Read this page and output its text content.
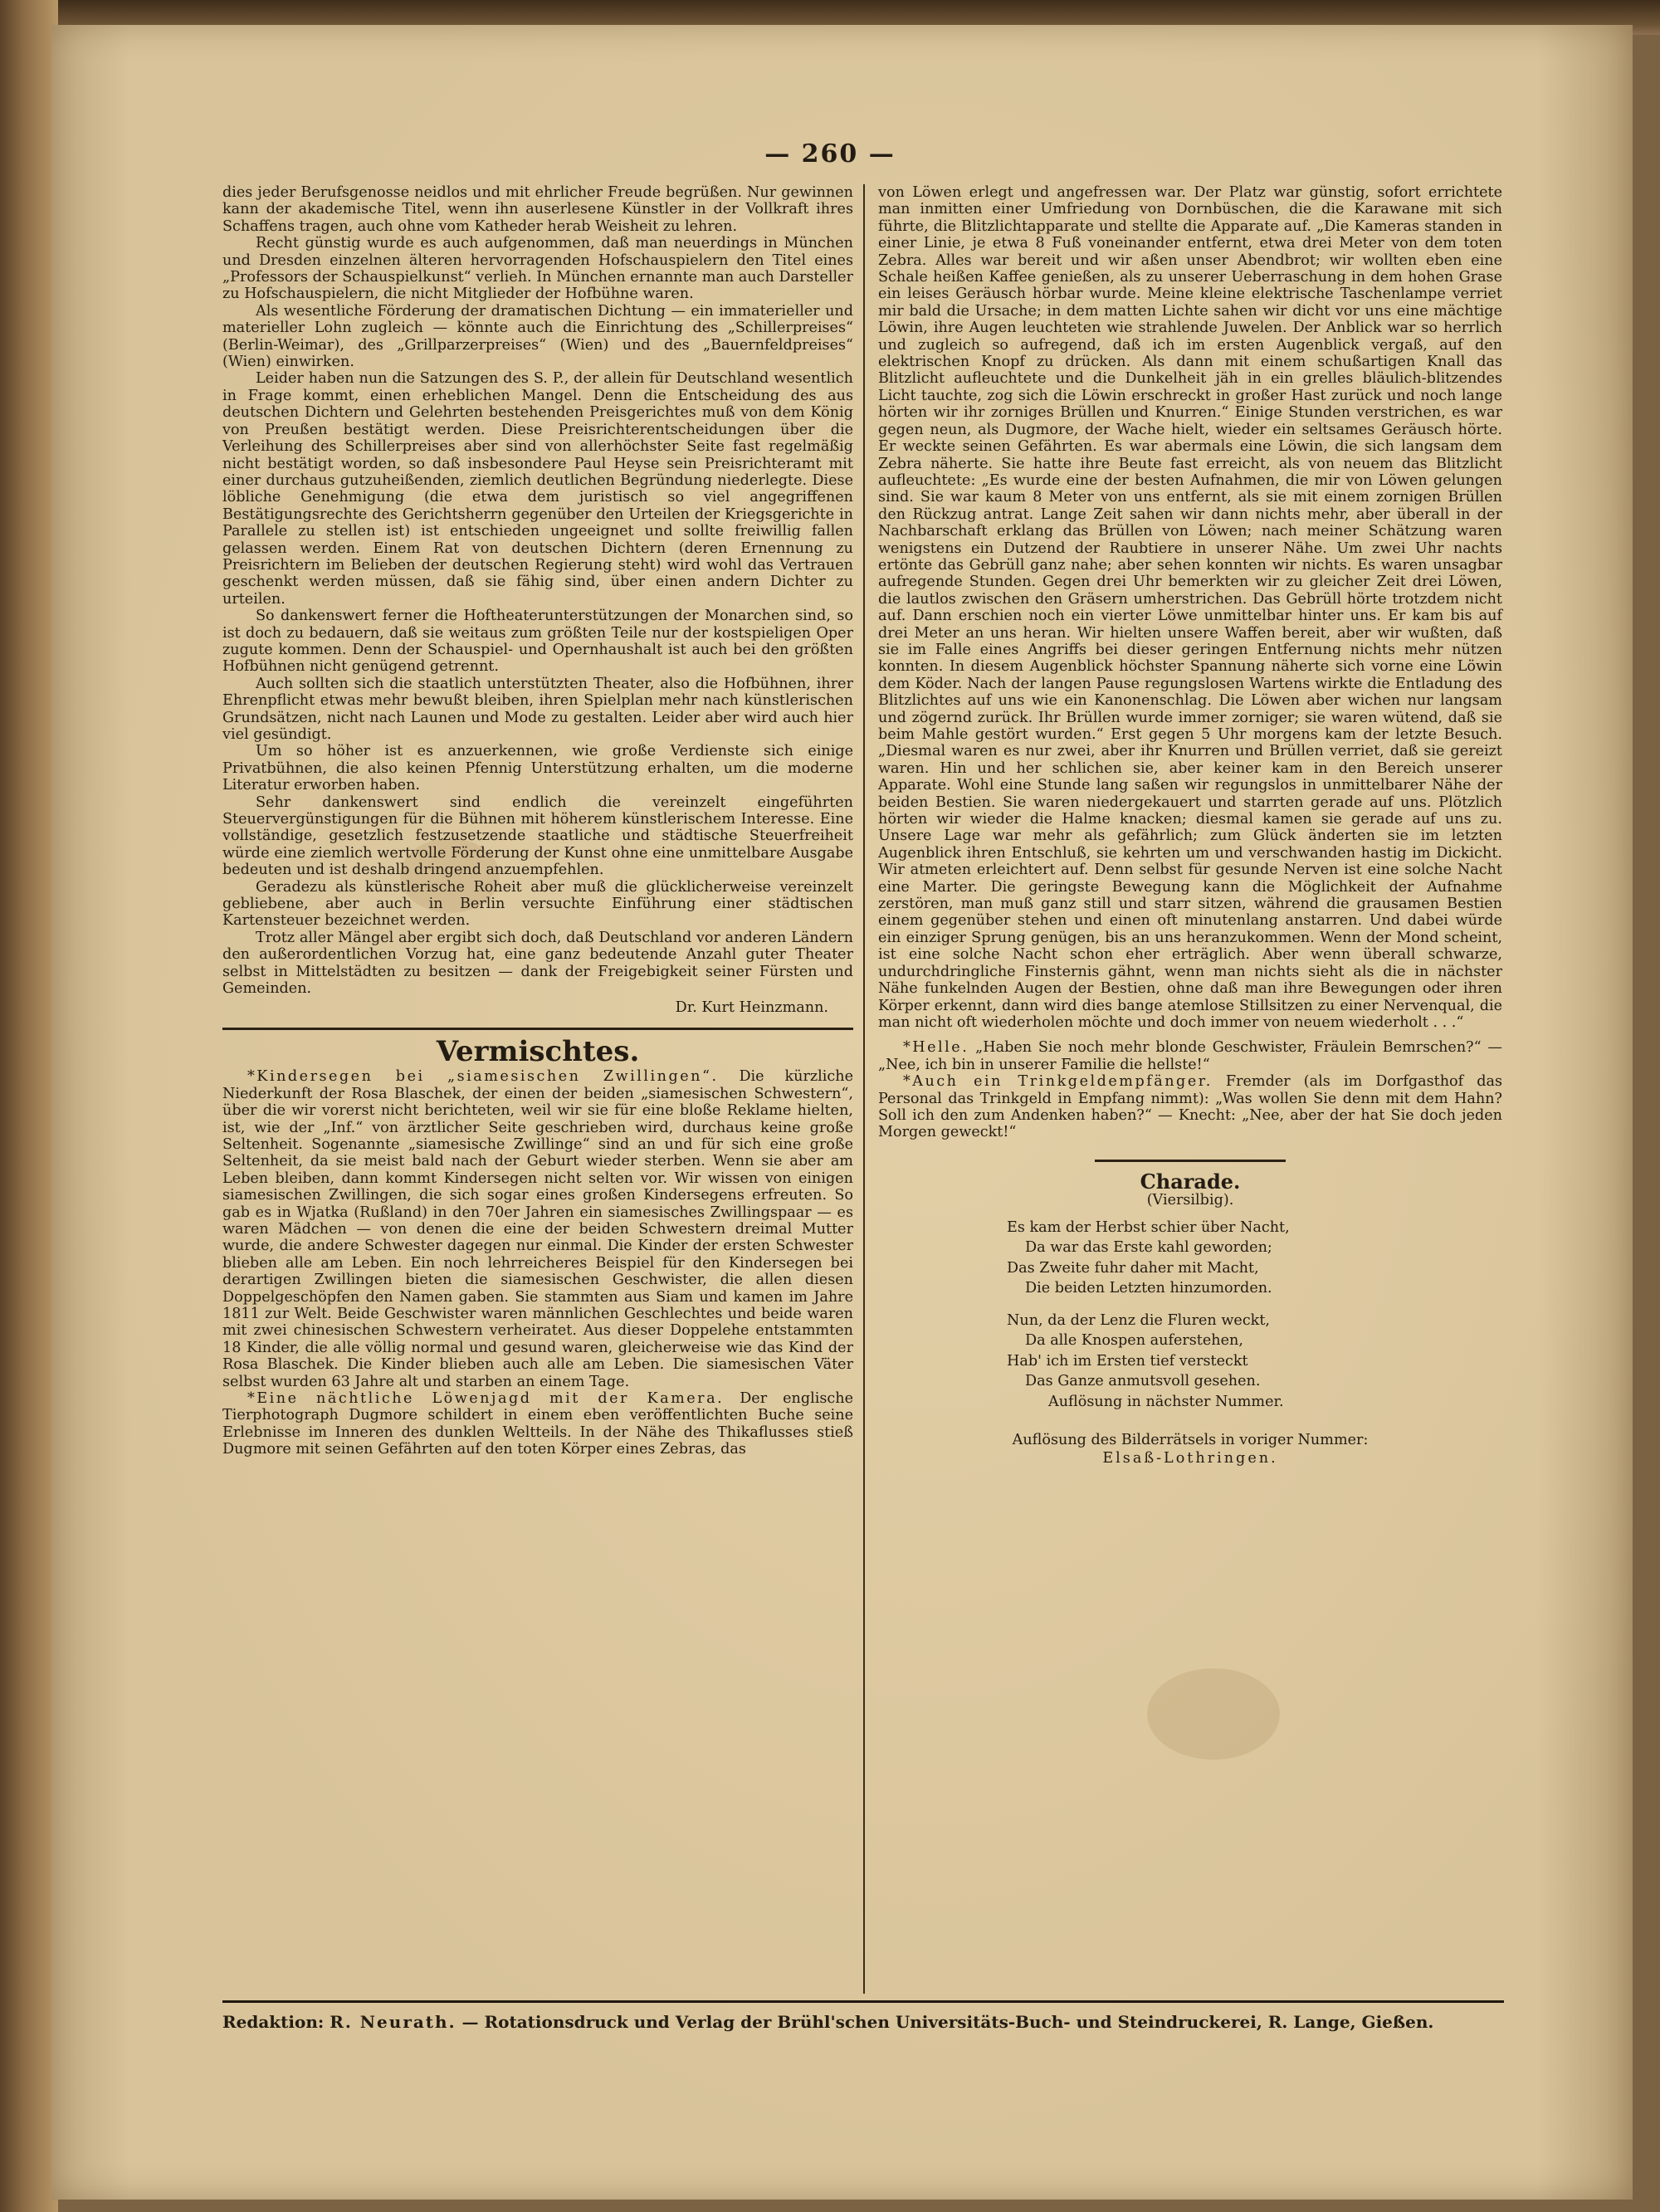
— 260 —

dies jeder Berufsgenosse neidlos und mit ehrlicher Freude begrüßen. Nur gewinnen kann der akademische Titel, wenn ihn auserlesene Künstler in der Vollkraft ihres Schaffens tragen, auch ohne vom Katheder herab Weisheit zu lehren.

Recht günstig wurde es auch aufgenommen, daß man neuerdings in München und Dresden einzelnen älteren hervorragenden Hofschauspielern den Titel eines „Professors der Schauspielkunst“ verlieh. In München ernannte man auch Darsteller zu Hofschauspielern, die nicht Mitglieder der Hofbühne waren.

Als wesentliche Förderung der dramatischen Dichtung — ein immaterieller und materieller Lohn zugleich — könnte auch die Einrichtung des „Schillerpreises“ (Berlin-Weimar), des „Grillparzerpreises“ (Wien) und des „Bauernfeldpreises“ (Wien) einwirken.

Leider haben nun die Satzungen des S. P., der allein für Deutschland wesentlich in Frage kommt, einen erheblichen Mangel. Denn die Entscheidung des aus deutschen Dichtern und Gelehrten bestehenden Preisgerichtes muß von dem König von Preußen bestätigt werden. Diese Preisrichterentscheidungen über die Verleihung des Schillerpreises aber sind von allerhöchster Seite fast regelmäßig nicht bestätigt worden, so daß insbesondere Paul Heyse sein Preisrichteramt mit einer durchaus gutzuheißenden, ziemlich deutlichen Begründung niederlegte. Diese löbliche Genehmigung (die etwa dem juristisch so viel angegriffenen Bestätigungsrechte des Gerichtsherrn gegenüber den Urteilen der Kriegsgerichte in Parallele zu stellen ist) ist entschieden ungeeignet und sollte freiwillig fallen gelassen werden. Einem Rat von deutschen Dichtern (deren Ernennung zu Preisrichtern im Belieben der deutschen Regierung steht) wird wohl das Vertrauen geschenkt werden müssen, daß sie fähig sind, über einen andern Dichter zu urteilen.

So dankenswert ferner die Hoftheaterunterstützungen der Monarchen sind, so ist doch zu bedauern, daß sie weitaus zum größten Teile nur der kostspieligen Oper zugute kommen. Denn der Schauspiel- und Opernhaushalt ist auch bei den größten Hofbühnen nicht genügend getrennt.

Auch sollten sich die staatlich unterstützten Theater, also die Hofbühnen, ihrer Ehrenpflicht etwas mehr bewußt bleiben, ihren Spielplan mehr nach künstlerischen Grundsätzen, nicht nach Launen und Mode zu gestalten. Leider aber wird auch hier viel gesündigt.

Um so höher ist es anzuerkennen, wie große Verdienste sich einige Privatbühnen, die also keinen Pfennig Unterstützung erhalten, um die moderne Literatur erworben haben.

Sehr dankenswert sind endlich die vereinzelt eingeführten Steuervergünstigungen für die Bühnen mit höherem künstlerischem Interesse. Eine vollständige, gesetzlich festzusetzende staatliche und städtische Steuerfreiheit würde eine ziemlich wertvolle Förderung der Kunst ohne eine unmittelbare Ausgabe bedeuten und ist deshalb dringend anzuempfehlen.

Geradezu als künstlerische Roheit aber muß die glücklicherweise vereinzelt gebliebene, aber auch in Berlin versuchte Einführung einer städtischen Kartensteuer bezeichnet werden.

Trotz aller Mängel aber ergibt sich doch, daß Deutschland vor anderen Ländern den außerordentlichen Vorzug hat, eine ganz bedeutende Anzahl guter Theater selbst in Mittelstädten zu besitzen — dank der Freigebigkeit seiner Fürsten und Gemeinden.

Dr. Kurt Heinzmann.
Vermischtes.

*Kindersegen bei „siamesischen Zwillingen“. Die kürzliche Niederkunft der Rosa Blaschek, der einen der beiden „siamesischen Schwestern“, über die wir vorerst nicht berichteten, weil wir sie für eine bloße Reklame hielten, ist, wie der „Inf.“ von ärztlicher Seite geschrieben wird, durchaus keine große Seltenheit. Sogenannte „siamesische Zwillinge“ sind an und für sich eine große Seltenheit, da sie meist bald nach der Geburt wieder sterben. Wenn sie aber am Leben bleiben, dann kommt Kindersegen nicht selten vor. Wir wissen von einigen siamesischen Zwillingen, die sich sogar eines großen Kindersegens erfreuten. So gab es in Wjatka (Rußland) in den 70er Jahren ein siamesisches Zwillingspaar — es waren Mädchen — von denen die eine der beiden Schwestern dreimal Mutter wurde, die andere Schwester dagegen nur einmal. Die Kinder der ersten Schwester blieben alle am Leben. Ein noch lehrreicheres Beispiel für den Kindersegen bei derartigen Zwillingen bieten die siamesischen Geschwister, die allen diesen Doppelgeschöpfen den Namen gaben. Sie stammten aus Siam und kamen im Jahre 1811 zur Welt. Beide Geschwister waren männlichen Geschlechtes und beide waren mit zwei chinesischen Schwestern verheiratet. Aus dieser Doppelehe entstammten 18 Kinder, die alle völlig normal und gesund waren, gleicherweise wie das Kind der Rosa Blaschek. Die Kinder blieben auch alle am Leben. Die siamesischen Väter selbst wurden 63 Jahre alt und starben an einem Tage.

*Eine nächtliche Löwenjagd mit der Kamera. Der englische Tierphotograph Dugmore schildert in einem eben veröffentlichten Buche seine Erlebnisse im Inneren des dunklen Weltteils. In der Nähe des Thikaflusses stieß Dugmore mit seinen Gefährten auf den toten Körper eines Zebras, das

von Löwen erlegt und angefressen war. Der Platz war günstig, sofort errichtete man inmitten einer Umfriedung von Dornbüschen, die die Karawane mit sich führte, die Blitzlichtapparate und stellte die Apparate auf. „Die Kameras standen in einer Linie, je etwa 8 Fuß voneinander entfernt, etwa drei Meter von dem toten Zebra. Alles war bereit und wir aßen unser Abendbrot; wir wollten eben eine Schale heißen Kaffee genießen, als zu unserer Ueberraschung in dem hohen Grase ein leises Geräusch hörbar wurde. Meine kleine elektrische Taschenlampe verriet mir bald die Ursache; in dem matten Lichte sahen wir dicht vor uns eine mächtige Löwin, ihre Augen leuchteten wie strahlende Juwelen. Der Anblick war so herrlich und zugleich so aufregend, daß ich im ersten Augenblick vergaß, auf den elektrischen Knopf zu drücken. Als dann mit einem schußartigen Knall das Blitzlicht aufleuchtete und die Dunkelheit jäh in ein grelles bläulich-blitzendes Licht tauchte, zog sich die Löwin erschreckt in großer Hast zurück und noch lange hörten wir ihr zorniges Brüllen und Knurren.“ Einige Stunden verstrichen, es war gegen neun, als Dugmore, der Wache hielt, wieder ein seltsames Geräusch hörte. Er weckte seinen Gefährten. Es war abermals eine Löwin, die sich langsam dem Zebra näherte. Sie hatte ihre Beute fast erreicht, als von neuem das Blitzlicht aufleuchtete: „Es wurde eine der besten Aufnahmen, die mir von Löwen gelungen sind. Sie war kaum 8 Meter von uns entfernt, als sie mit einem zornigen Brüllen den Rückzug antrat. Lange Zeit sahen wir dann nichts mehr, aber überall in der Nachbarschaft erklang das Brüllen von Löwen; nach meiner Schätzung waren wenigstens ein Dutzend der Raubtiere in unserer Nähe. Um zwei Uhr nachts ertönte das Gebrüll ganz nahe; aber sehen konnten wir nichts. Es waren unsagbar aufregende Stunden. Gegen drei Uhr bemerkten wir zu gleicher Zeit drei Löwen, die lautlos zwischen den Gräsern umherstrichen. Das Gebrüll hörte trotzdem nicht auf. Dann erschien noch ein vierter Löwe unmittelbar hinter uns. Er kam bis auf drei Meter an uns heran. Wir hielten unsere Waffen bereit, aber wir wußten, daß sie im Falle eines Angriffs bei dieser geringen Entfernung nichts mehr nützen konnten. In diesem Augenblick höchster Spannung näherte sich vorne eine Löwin dem Köder. Nach der langen Pause regungslosen Wartens wirkte die Entladung des Blitzlichtes auf uns wie ein Kanonenschlag. Die Löwen aber wichen nur langsam und zögernd zurück. Ihr Brüllen wurde immer zorniger; sie waren wütend, daß sie beim Mahle gestört wurden.“ Erst gegen 5 Uhr morgens kam der letzte Besuch. „Diesmal waren es nur zwei, aber ihr Knurren und Brüllen verriet, daß sie gereizt waren. Hin und her schlichen sie, aber keiner kam in den Bereich unserer Apparate. Wohl eine Stunde lang saßen wir regungslos in unmittelbarer Nähe der beiden Bestien. Sie waren niedergekauert und starrten gerade auf uns. Plötzlich hörten wir wieder die Halme knacken; diesmal kamen sie gerade auf uns zu. Unsere Lage war mehr als gefährlich; zum Glück änderten sie im letzten Augenblick ihren Entschluß, sie kehrten um und verschwanden hastig im Dickicht. Wir atmeten erleichtert auf. Denn selbst für gesunde Nerven ist eine solche Nacht eine Marter. Die geringste Bewegung kann die Möglichkeit der Aufnahme zerstören, man muß ganz still und starr sitzen, während die grausamen Bestien einem gegenüber stehen und einen oft minutenlang anstarren. Und dabei würde ein einziger Sprung genügen, bis an uns heranzukommen. Wenn der Mond scheint, ist eine solche Nacht schon eher erträglich. Aber wenn überall schwarze, undurchdringliche Finsternis gähnt, wenn man nichts sieht als die in nächster Nähe funkelnden Augen der Bestien, ohne daß man ihre Bewegungen oder ihren Körper erkennt, dann wird dies bange atemlose Stillsitzen zu einer Nervenqual, die man nicht oft wiederholen möchte und doch immer von neuem wiederholt . . .“

*Helle. „Haben Sie noch mehr blonde Geschwister, Fräulein Bemrschen?“ — „Nee, ich bin in unserer Familie die hellste!“

*Auch ein Trinkgeldempfänger. Fremder (als im Dorfgasthof das Personal das Trinkgeld in Empfang nimmt): „Was wollen Sie denn mit dem Hahn? Soll ich den zum Andenken haben?“ — Knecht: „Nee, aber der hat Sie doch jeden Morgen geweckt!“

Charade.
(Viersilbig).
Es kam der Herbst schier über Nacht,
Da war das Erste kahl geworden;
Das Zweite fuhr daher mit Macht,
Die beiden Letzten hinzumorden.
Nun, da der Lenz die Fluren weckt,
Da alle Knospen auferstehen,
Hab' ich im Ersten tief versteckt
Das Ganze anmutsvoll gesehen.
Auflösung in nächster Nummer.
Auflösung des Bilderrätsels in voriger Nummer:
Elsaß-Lothringen.
Redaktion: R. Neurath. — Rotationsdruck und Verlag der Brühl'schen Universitäts-Buch- und Steindruckerei, R. Lange, Gießen.
